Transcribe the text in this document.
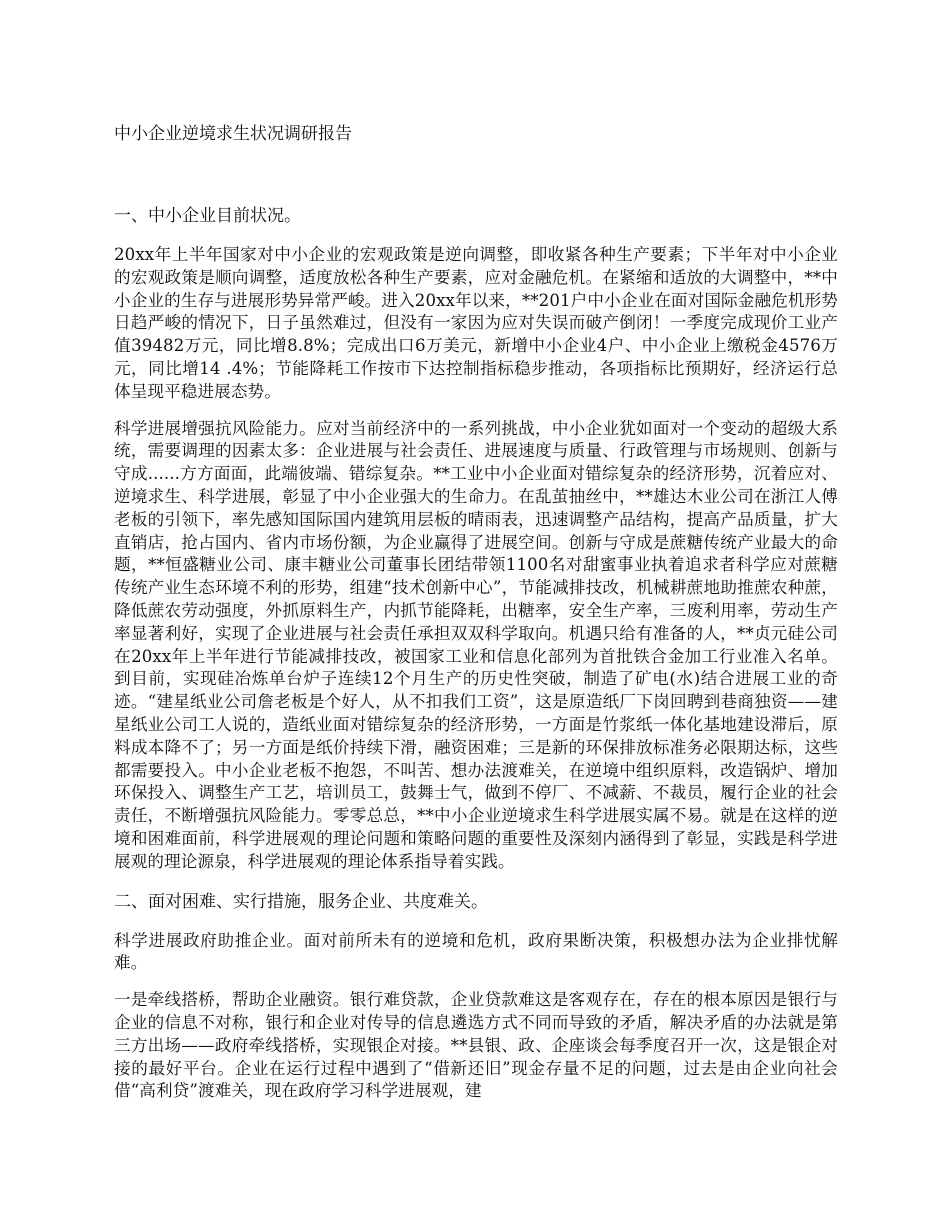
中小企业逆境求生状况调研报告
一、中小企业目前状况。

20xx年上半年国家对中小企业的宏观政策是逆向调整，即收紧各种生产要素；下半年对中小企业的宏观政策是顺向调整，适度放松各种生产要素，应对金融危机。在紧缩和适放的大调整中，**中小企业的生存与进展形势异常严峻。进入20xx年以来，**201户中小企业在面对国际金融危机形势日趋严峻的情况下，日子虽然难过，但没有一家因为应对失误而破产倒闭！一季度完成现价工业产值39482万元，同比增8.8%；完成出口6万美元，新增中小企业4户、中小企业上缴税金4576万元，同比增14 .4%；节能降耗工作按市下达控制指标稳步推动，各项指标比预期好，经济运行总体呈现平稳进展态势。

科学进展增强抗风险能力。应对当前经济中的一系列挑战，中小企业犹如面对一个变动的超级大系统，需要调理的因素太多：企业进展与社会责任、进展速度与质量、行政管理与市场规则、创新与守成......方方面面，此端彼端、错综复杂。**工业中小企业面对错综复杂的经济形势，沉着应对、逆境求生、科学进展，彰显了中小企业强大的生命力。在乱茧抽丝中，**雄达木业公司在浙江人傅老板的引领下，率先感知国际国内建筑用层板的晴雨表，迅速调整产品结构，提高产品质量，扩大直销店，抢占国内、省内市场份额，为企业赢得了进展空间。创新与守成是蔗糖传统产业最大的命题，**恒盛糖业公司、康丰糖业公司董事长团结带领1100名对甜蜜事业执着追求者科学应对蔗糖传统产业生态环境不利的形势，组建“技术创新中心”，节能减排技改，机械耕蔗地助推蔗农种蔗，降低蔗农劳动强度，外抓原料生产，内抓节能降耗，出糖率，安全生产率，三废利用率，劳动生产率显著利好，实现了企业进展与社会责任承担双双科学取向。机遇只给有准备的人，**贞元硅公司在20xx年上半年进行节能减排技改，被国家工业和信息化部列为首批铁合金加工行业准入名单。到目前，实现硅冶炼单台炉子连续12个月生产的历史性突破，制造了矿电(水)结合进展工业的奇迹。“建星纸业公司詹老板是个好人，从不扣我们工资”，这是原造纸厂下岗回聘到巷商独资——建星纸业公司工人说的，造纸业面对错综复杂的经济形势，一方面是竹浆纸一体化基地建设滞后，原料成本降不了；另一方面是纸价持续下滑，融资困难；三是新的环保排放标准务必限期达标，这些都需要投入。中小企业老板不抱怨，不叫苦、想办法渡难关，在逆境中组织原料，改造锅炉、增加环保投入、调整生产工艺，培训员工，鼓舞士气，做到不停厂、不减薪、不裁员，履行企业的社会责任，不断增强抗风险能力。零零总总，**中小企业逆境求生科学进展实属不易。就是在这样的逆境和困难面前，科学进展观的理论问题和策略问题的重要性及深刻内涵得到了彰显，实践是科学进展观的理论源泉，科学进展观的理论体系指导着实践。

二、面对困难、实行措施，服务企业、共度难关。

科学进展政府助推企业。面对前所未有的逆境和危机，政府果断决策，积极想办法为企业排忧解难。

一是牵线搭桥，帮助企业融资。银行难贷款，企业贷款难这是客观存在，存在的根本原因是银行与企业的信息不对称，银行和企业对传导的信息遴选方式不同而导致的矛盾，解决矛盾的办法就是第三方出场——政府牵线搭桥，实现银企对接。**县银、政、企座谈会每季度召开一次，这是银企对接的最好平台。企业在运行过程中遇到了“借新还旧”现金存量不足的问题，过去是由企业向社会借“高利贷”渡难关，现在政府学习科学进展观，建
